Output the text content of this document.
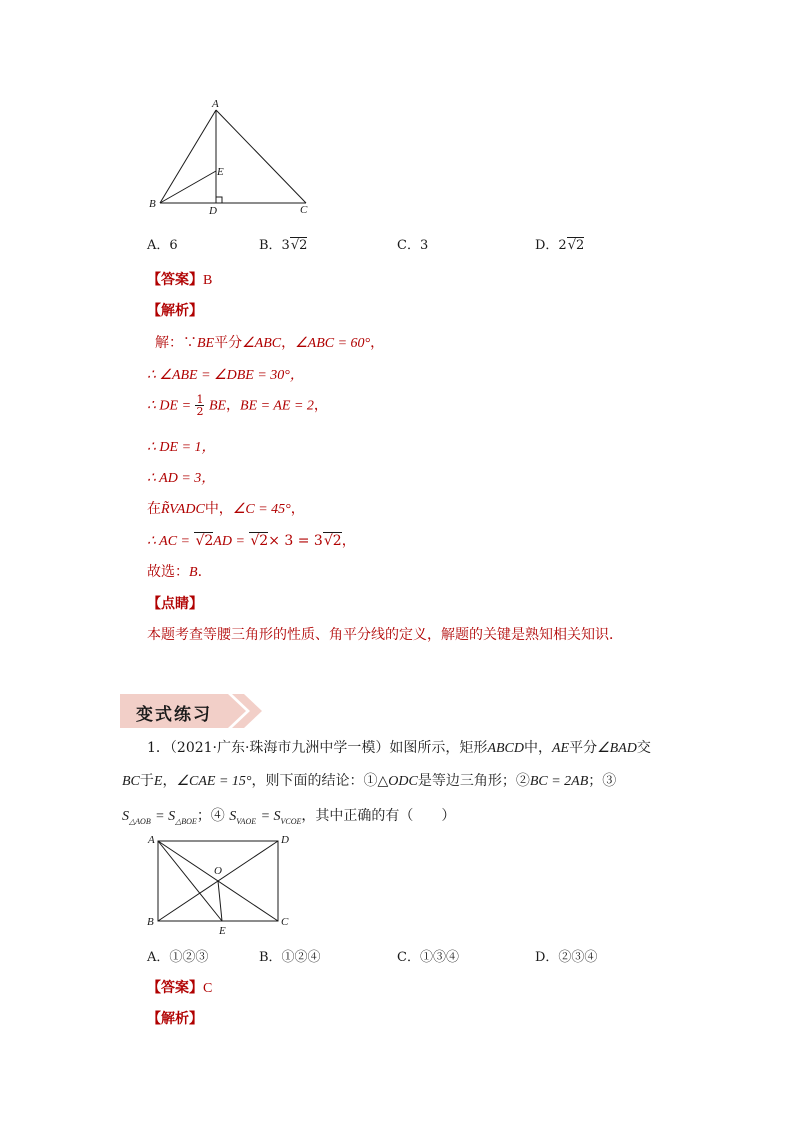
A
B	C
D
E
A．6	B．3√2	C．3	D．2√2
【答案】B
【解析】
解：∵BE平分∠ABC，∠ABC = 60°，
∴ ∠ABE = ∠DBE = 30°，
∴ DE = $\frac{1}{2}$ BE，BE = AE = 2，
∴ DE = 1，
∴ AD = 3，
在R̃VADC中，∠C = 45°，
∴ AC = √2AD = √2× 3 = 3√2，
故选：B.
【点睛】
本题考查等腰三角形的性质、角平分线的定义，解题的关键是熟知相关知识．
变式练习
1．（2021·广东·珠海市九洲中学一模）如图所示，矩形ABCD中，AE平分∠BAD交
BC于E，∠CAE = 15°，则下面的结论：①△ODC是等边三角形；②BC = 2AB；③
$S_{\triangle AOB} = S_{\triangle BOE}$；④ $S_{VAOE} = S_{VCOE}$，其中正确的有（　　）
A	D
B	C
E
O
A．①②③	B．①②④	C．①③④	D．②③④
【答案】C
【解析】
